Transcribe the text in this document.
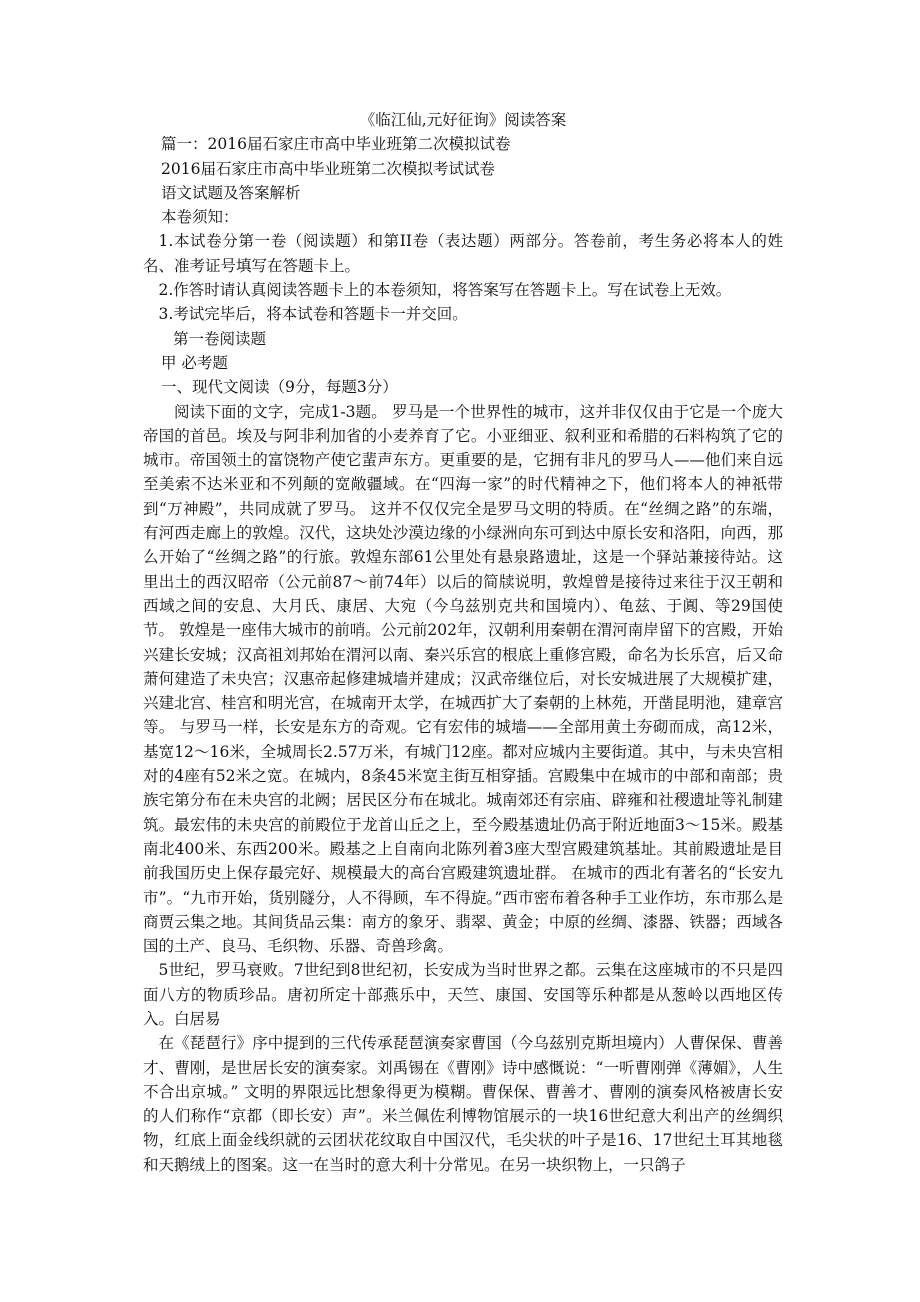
《临江仙,元好征询》阅读答案

篇一：2016届石家庄市高中毕业班第二次模拟试卷

2016届石家庄市高中毕业班第二次模拟考试试卷

语文试题及答案解析

本卷须知：

1.本试卷分第一卷（阅读题）和第II卷（表达题）两部分。答卷前，考生务必将本人的姓名、准考证号填写在答题卡上。

2.作答时请认真阅读答题卡上的本卷须知，将答案写在答题卡上。写在试卷上无效。

3.考试完毕后，将本试卷和答题卡一并交回。

第一卷阅读题

甲 必考题

一、现代文阅读（9分，每题3分）

阅读下面的文字，完成1-3题。 罗马是一个世界性的城市，这并非仅仅由于它是一个庞大帝国的首邑。埃及与阿非利加省的小麦养育了它。小亚细亚、叙利亚和希腊的石料构筑了它的城市。帝国领土的富饶物产使它蜚声东方。更重要的是，它拥有非凡的罗马人——他们来自远至美索不达米亚和不列颠的宽敞疆域。在“四海一家”的时代精神之下，他们将本人的神祇带到“万神殿”，共同成就了罗马。 这并不仅仅完全是罗马文明的特质。在“丝绸之路”的东端，有河西走廊上的敦煌。汉代，这块处沙漠边缘的小绿洲向东可到达中原长安和洛阳，向西，那么开始了“丝绸之路”的行旅。敦煌东部61公里处有悬泉路遗址，这是一个驿站兼接待站。这里出土的西汉昭帝（公元前87～前74年）以后的简牍说明，敦煌曾是接待过来往于汉王朝和西域之间的安息、大月氏、康居、大宛（今乌兹别克共和国境内）、龟兹、于阗、等29国使节。 敦煌是一座伟大城市的前哨。公元前202年，汉朝利用秦朝在渭河南岸留下的宫殿，开始兴建长安城；汉高祖刘邦始在渭河以南、秦兴乐宫的根底上重修宫殿，命名为长乐宫，后又命萧何建造了未央宫；汉惠帝起修建城墙并建成；汉武帝继位后，对长安城进展了大规模扩建，兴建北宫、桂宫和明光宫，在城南开太学，在城西扩大了秦朝的上林苑，开凿昆明池，建章宫等。 与罗马一样，长安是东方的奇观。它有宏伟的城墙——全部用黄土夯砌而成，高12米，基宽12～16米，全城周长2.57万米，有城门12座。都对应城内主要街道。其中，与未央宫相对的4座有52米之宽。在城内，8条45米宽主街互相穿插。宫殿集中在城市的中部和南部；贵族宅第分布在未央宫的北阙；居民区分布在城北。城南郊还有宗庙、辟雍和社稷遗址等礼制建筑。最宏伟的未央宫的前殿位于龙首山丘之上，至今殿基遗址仍高于附近地面3～15米。殿基南北400米、东西200米。殿基之上自南向北陈列着3座大型宫殿建筑基址。其前殿遗址是目前我国历史上保存最完好、规模最大的高台宫殿建筑遗址群。 在城市的西北有著名的“长安九市”。“九市开始，货别隧分，人不得顾，车不得旋。”西市密布着各种手工业作坊，东市那么是商贾云集之地。其间货品云集：南方的象牙、翡翠、黄金；中原的丝绸、漆器、铁器；西域各国的土产、良马、毛织物、乐器、奇兽珍禽。

5世纪，罗马衰败。7世纪到8世纪初，长安成为当时世界之都。云集在这座城市的不只是四面八方的物质珍品。唐初所定十部燕乐中，天竺、康国、安国等乐种都是从葱岭以西地区传入。白居易

在《琵琶行》序中提到的三代传承琵琶演奏家曹国（今乌兹别克斯坦境内）人曹保保、曹善才、曹刚，是世居长安的演奏家。刘禹锡在《曹刚》诗中感慨说：“一听曹刚弹《薄媚》，人生不合出京城。” 文明的界限远比想象得更为模糊。曹保保、曹善才、曹刚的演奏风格被唐长安的人们称作“京都（即长安）声”。米兰佩佐利博物馆展示的一块16世纪意大利出产的丝绸织物，红底上面金线织就的云团状花纹取自中国汉代，毛尖状的叶子是16、17世纪土耳其地毯和天鹅绒上的图案。这一在当时的意大利十分常见。在另一块织物上，一只鸽子
